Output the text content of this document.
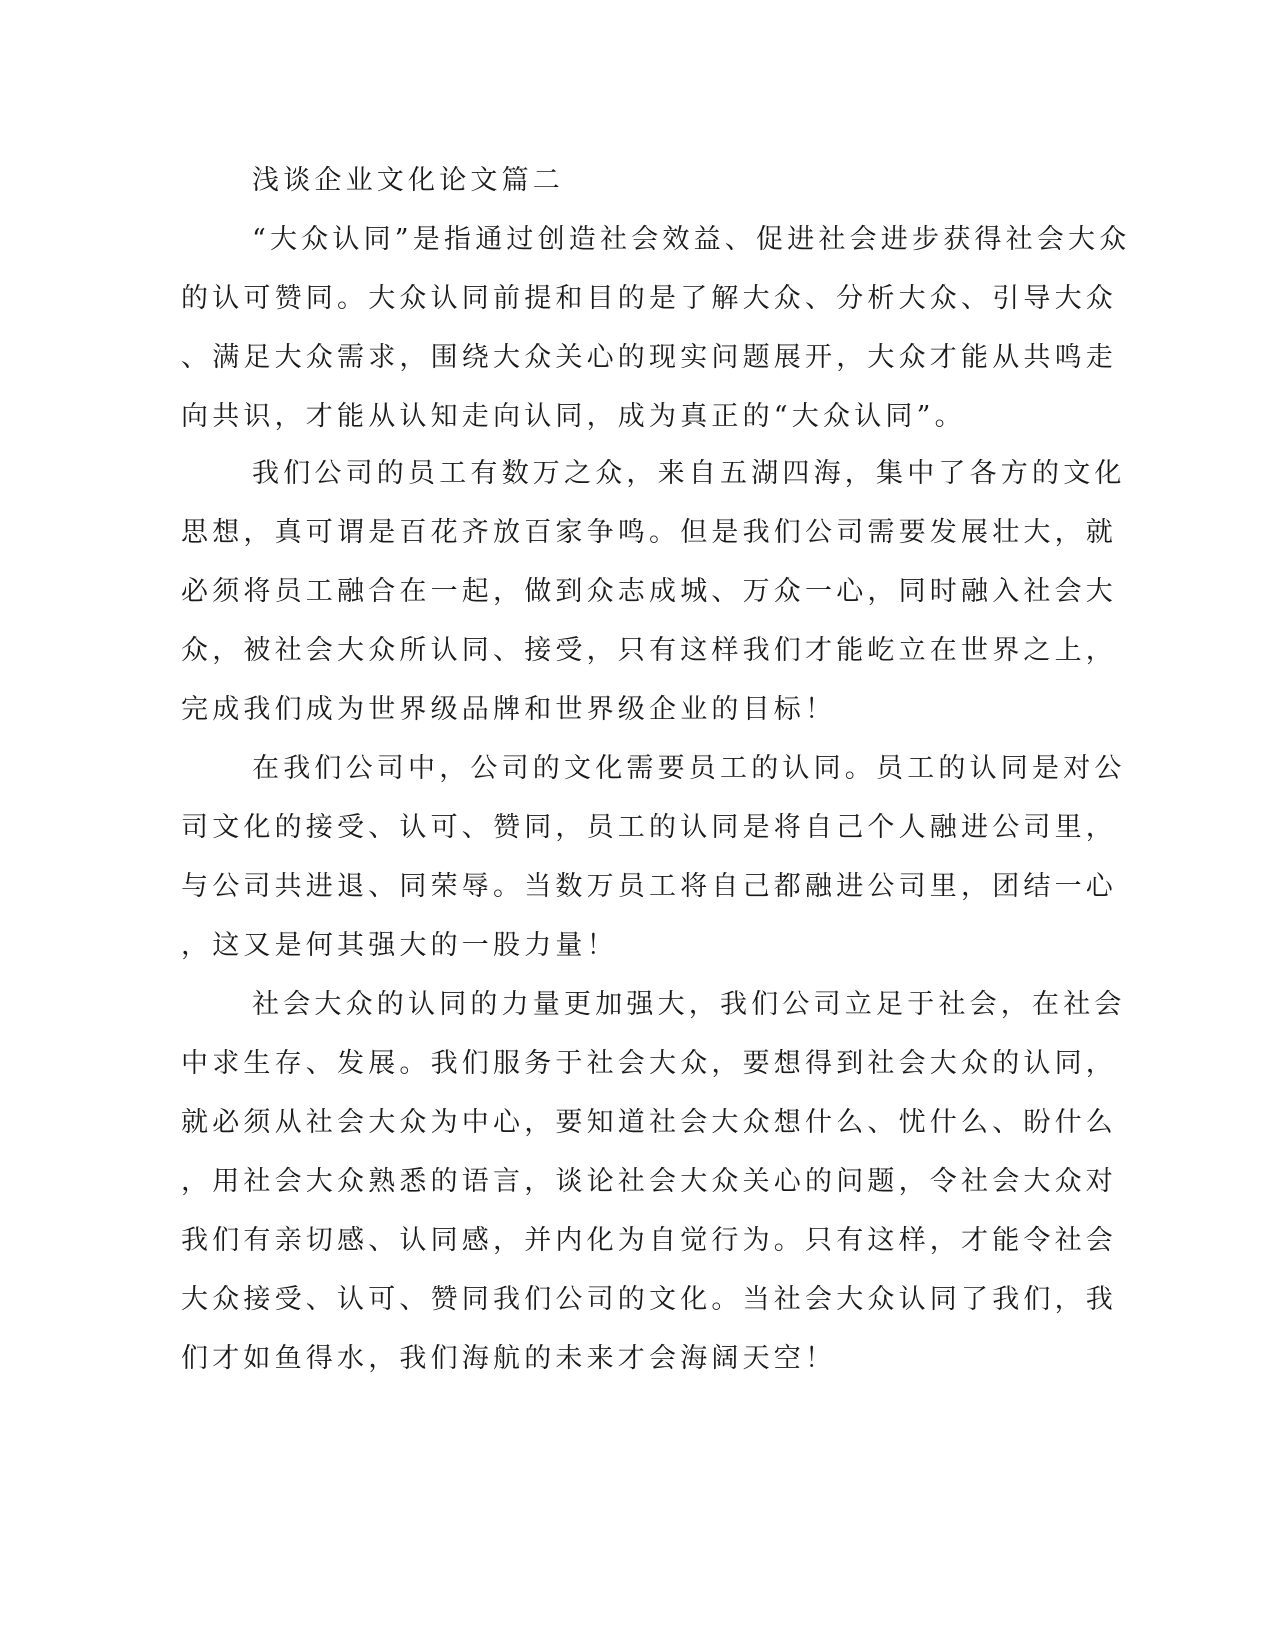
浅谈企业文化论文篇二

“大众认同”是指通过创造社会效益、促进社会进步获得社会大众

的认可赞同。大众认同前提和目的是了解大众、分析大众、引导大众

、满足大众需求，围绕大众关心的现实问题展开，大众才能从共鸣走

向共识，才能从认知走向认同，成为真正的“大众认同”。

我们公司的员工有数万之众，来自五湖四海，集中了各方的文化

思想，真可谓是百花齐放百家争鸣。但是我们公司需要发展壮大，就

必须将员工融合在一起，做到众志成城、万众一心，同时融入社会大

众，被社会大众所认同、接受，只有这样我们才能屹立在世界之上，

完成我们成为世界级品牌和世界级企业的目标！

在我们公司中，公司的文化需要员工的认同。员工的认同是对公

司文化的接受、认可、赞同，员工的认同是将自己个人融进公司里，

与公司共进退、同荣辱。当数万员工将自己都融进公司里，团结一心

，这又是何其强大的一股力量！

社会大众的认同的力量更加强大，我们公司立足于社会，在社会

中求生存、发展。我们服务于社会大众，要想得到社会大众的认同，

就必须从社会大众为中心，要知道社会大众想什么、忧什么、盼什么

，用社会大众熟悉的语言，谈论社会大众关心的问题，令社会大众对

我们有亲切感、认同感，并内化为自觉行为。只有这样，才能令社会

大众接受、认可、赞同我们公司的文化。当社会大众认同了我们，我

们才如鱼得水，我们海航的未来才会海阔天空！
